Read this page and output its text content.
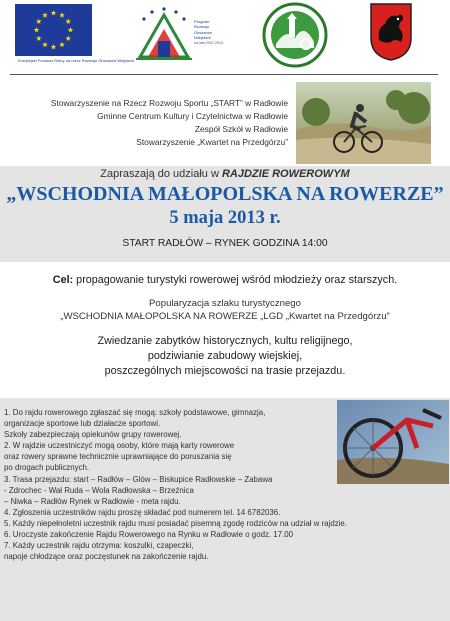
Europejski Fundusz Rolny na rzecz Rozwoju Obszarów Wiejskich
Program
Rozwoju
Obszarów
Wiejskich
na lata 2007-2013
Stowarzyszenie na Rzecz Rozwoju Sportu „START” w Radłowie
Gminne Centrum Kultury i Czytelnictwa w Radłowie
Zespół Szkół w Radłowie
Stowarzyszenie „Kwartet na Przedgórzu”
Zapraszają do udziału w RAJDZIE ROWEROWYM
„WSCHODNIA MAŁOPOLSKA NA ROWERZE”
5 maja 2013 r.
START RADŁÓW – RYNEK GODZINA 14:00
Cel: propagowanie turystyki rowerowej wśród młodzieży oraz starszych.
Popularyzacja szlaku turystycznego
„WSCHODNIA MAŁOPOLSKA NA ROWERZE „LGD „Kwartet na Przedgórzu”
Zwiedzanie zabytków historycznych, kultu religijnego,
podziwianie zabudowy wiejskiej,
poszczególnych miejscowości na trasie przejazdu.
1. Do rajdu rowerowego zgłaszać się mogą: szkoły podstawowe, gimnazja,
organizacje sportowe lub działacze sportowi.
Szkoły zabezpieczają opiekunów grupy rowerowej.
2. W rajdzie uczestniczyć mogą osoby, które mają karty rowerowe
oraz rowery sprawne technicznie uprawniające do poruszania się
po drogach publicznych.
3. Trasa przejazdu: start – Radłów – Glów – Biskupice Radłowskie – Zabawa
- Zdrochec - Wał Ruda – Wola Radłowska – Brzeźnica
– Niwka – Radłów Rynek w Radłowie - meta rajdu.
4. Zgłoszenia uczestników rajdu proszę składać pod numerem tel. 14 6782036.
5. Każdy niepełnoletni uczestnik rajdu musi posiadać pisemną zgodę rodziców na udział w rajdzie.
6. Uroczyste zakończenie Rajdu Rowerowego na Rynku w Radłowie o godz. 17.00
7. Każdy uczestnik rajdu otrzyma: koszulki, czapeczki,
napoje chłodzące oraz poczęstunek na zakończenie rajdu.
